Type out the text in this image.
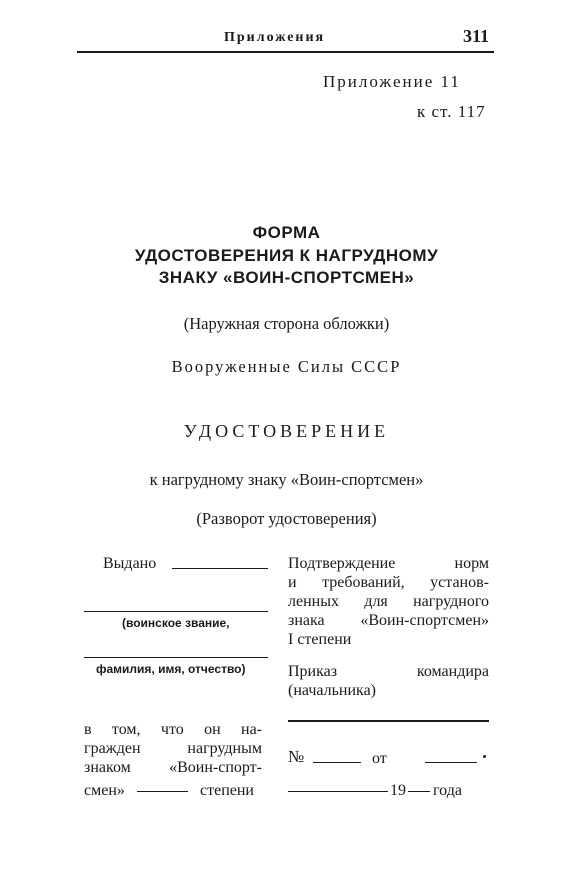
Приложения	311
Приложение 11
к ст. 117
ФОРМА
УДОСТОВЕРЕНИЯ К НАГРУДНОМУ
ЗНАКУ «ВОИН-СПОРТСМЕН»
(Наружная сторона обложки)
Вооруженные Силы СССР
УДОСТОВЕРЕНИЕ
к нагрудному знаку «Воин-спортсмен»
(Разворот удостоверения)
Выдано
(воинское звание,
фамилия, имя, отчество)
в том, что он на-
гражден	нагрудным
знаком «Воин-спорт-
смен»	степени
Подтверждение	норм
и требований, установ-
ленных для нагрудного
знака «Воин-спортсмен»
I степени
Приказ	командира
(начальника)
№	от
19 года
